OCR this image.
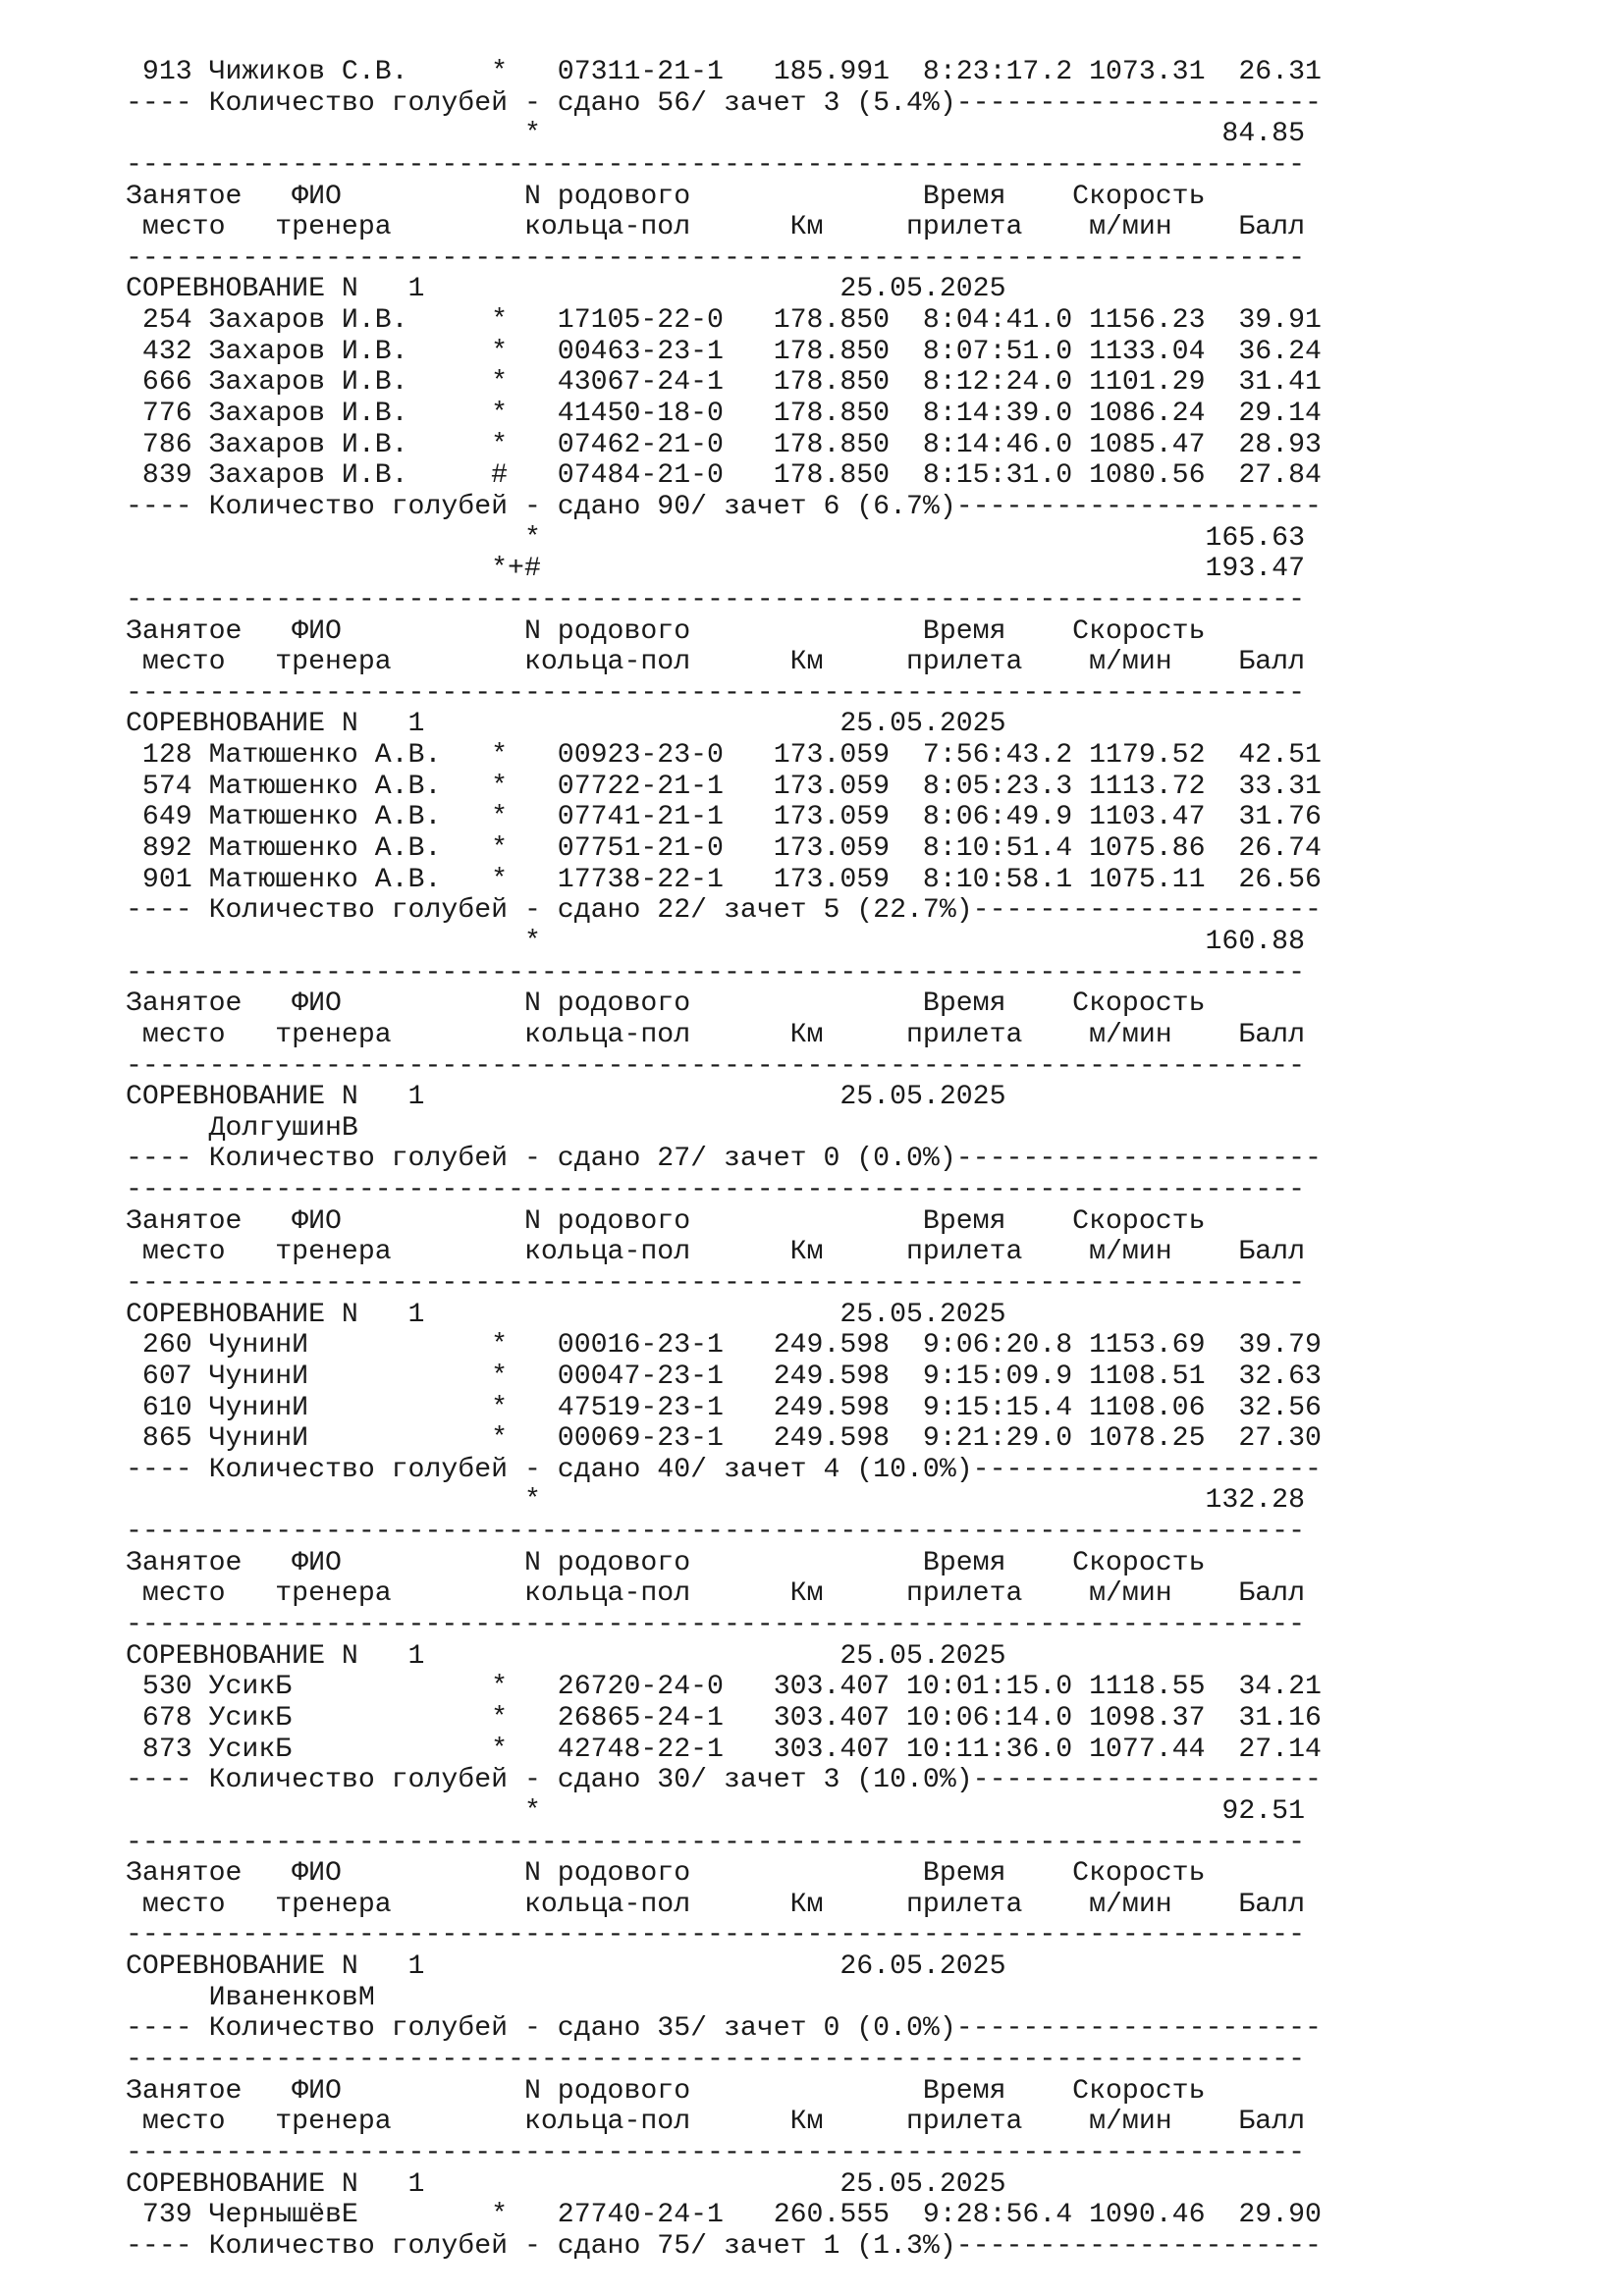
913 Чижиков С.В.     *   07311-21-1   185.991  8:23:17.2 1073.31  26.31
---- Количество голубей - сдано 56/ зачет 3 (5.4%)----------------------
*                                         84.85
-----------------------------------------------------------------------
Занятое   ФИО           N родового              Время    Скорость
место   тренера        кольца-пол      Км     прилета    м/мин    Балл
-----------------------------------------------------------------------
СОРЕВНОВАНИЕ N   1                         25.05.2025
254 Захаров И.В.     *   17105-22-0   178.850  8:04:41.0 1156.23  39.91
432 Захаров И.В.     *   00463-23-1   178.850  8:07:51.0 1133.04  36.24
666 Захаров И.В.     *   43067-24-1   178.850  8:12:24.0 1101.29  31.41
776 Захаров И.В.     *   41450-18-0   178.850  8:14:39.0 1086.24  29.14
786 Захаров И.В.     *   07462-21-0   178.850  8:14:46.0 1085.47  28.93
839 Захаров И.В.     #   07484-21-0   178.850  8:15:31.0 1080.56  27.84
---- Количество голубей - сдано 90/ зачет 6 (6.7%)----------------------
*                                        165.63
*+#                                        193.47
-----------------------------------------------------------------------
Занятое   ФИО           N родового              Время    Скорость
место   тренера        кольца-пол      Км     прилета    м/мин    Балл
-----------------------------------------------------------------------
СОРЕВНОВАНИЕ N   1                         25.05.2025
128 Матюшенко А.В.   *   00923-23-0   173.059  7:56:43.2 1179.52  42.51
574 Матюшенко А.В.   *   07722-21-1   173.059  8:05:23.3 1113.72  33.31
649 Матюшенко А.В.   *   07741-21-1   173.059  8:06:49.9 1103.47  31.76
892 Матюшенко А.В.   *   07751-21-0   173.059  8:10:51.4 1075.86  26.74
901 Матюшенко А.В.   *   17738-22-1   173.059  8:10:58.1 1075.11  26.56
---- Количество голубей - сдано 22/ зачет 5 (22.7%)---------------------
*                                        160.88
-----------------------------------------------------------------------
Занятое   ФИО           N родового              Время    Скорость
место   тренера        кольца-пол      Км     прилета    м/мин    Балл
-----------------------------------------------------------------------
СОРЕВНОВАНИЕ N   1                         25.05.2025
ДолгушинВ
---- Количество голубей - сдано 27/ зачет 0 (0.0%)----------------------
-----------------------------------------------------------------------
Занятое   ФИО           N родового              Время    Скорость
место   тренера        кольца-пол      Км     прилета    м/мин    Балл
-----------------------------------------------------------------------
СОРЕВНОВАНИЕ N   1                         25.05.2025
260 ЧунинИ           *   00016-23-1   249.598  9:06:20.8 1153.69  39.79
607 ЧунинИ           *   00047-23-1   249.598  9:15:09.9 1108.51  32.63
610 ЧунинИ           *   47519-23-1   249.598  9:15:15.4 1108.06  32.56
865 ЧунинИ           *   00069-23-1   249.598  9:21:29.0 1078.25  27.30
---- Количество голубей - сдано 40/ зачет 4 (10.0%)---------------------
*                                        132.28
-----------------------------------------------------------------------
Занятое   ФИО           N родового              Время    Скорость
место   тренера        кольца-пол      Км     прилета    м/мин    Балл
-----------------------------------------------------------------------
СОРЕВНОВАНИЕ N   1                         25.05.2025
530 УсикБ            *   26720-24-0   303.407 10:01:15.0 1118.55  34.21
678 УсикБ            *   26865-24-1   303.407 10:06:14.0 1098.37  31.16
873 УсикБ            *   42748-22-1   303.407 10:11:36.0 1077.44  27.14
---- Количество голубей - сдано 30/ зачет 3 (10.0%)---------------------
*                                         92.51
-----------------------------------------------------------------------
Занятое   ФИО           N родового              Время    Скорость
место   тренера        кольца-пол      Км     прилета    м/мин    Балл
-----------------------------------------------------------------------
СОРЕВНОВАНИЕ N   1                         26.05.2025
ИваненковМ
---- Количество голубей - сдано 35/ зачет 0 (0.0%)----------------------
-----------------------------------------------------------------------
Занятое   ФИО           N родового              Время    Скорость
место   тренера        кольца-пол      Км     прилета    м/мин    Балл
-----------------------------------------------------------------------
СОРЕВНОВАНИЕ N   1                         25.05.2025
739 ЧернышёвЕ        *   27740-24-1   260.555  9:28:56.4 1090.46  29.90
---- Количество голубей - сдано 75/ зачет 1 (1.3%)----------------------
